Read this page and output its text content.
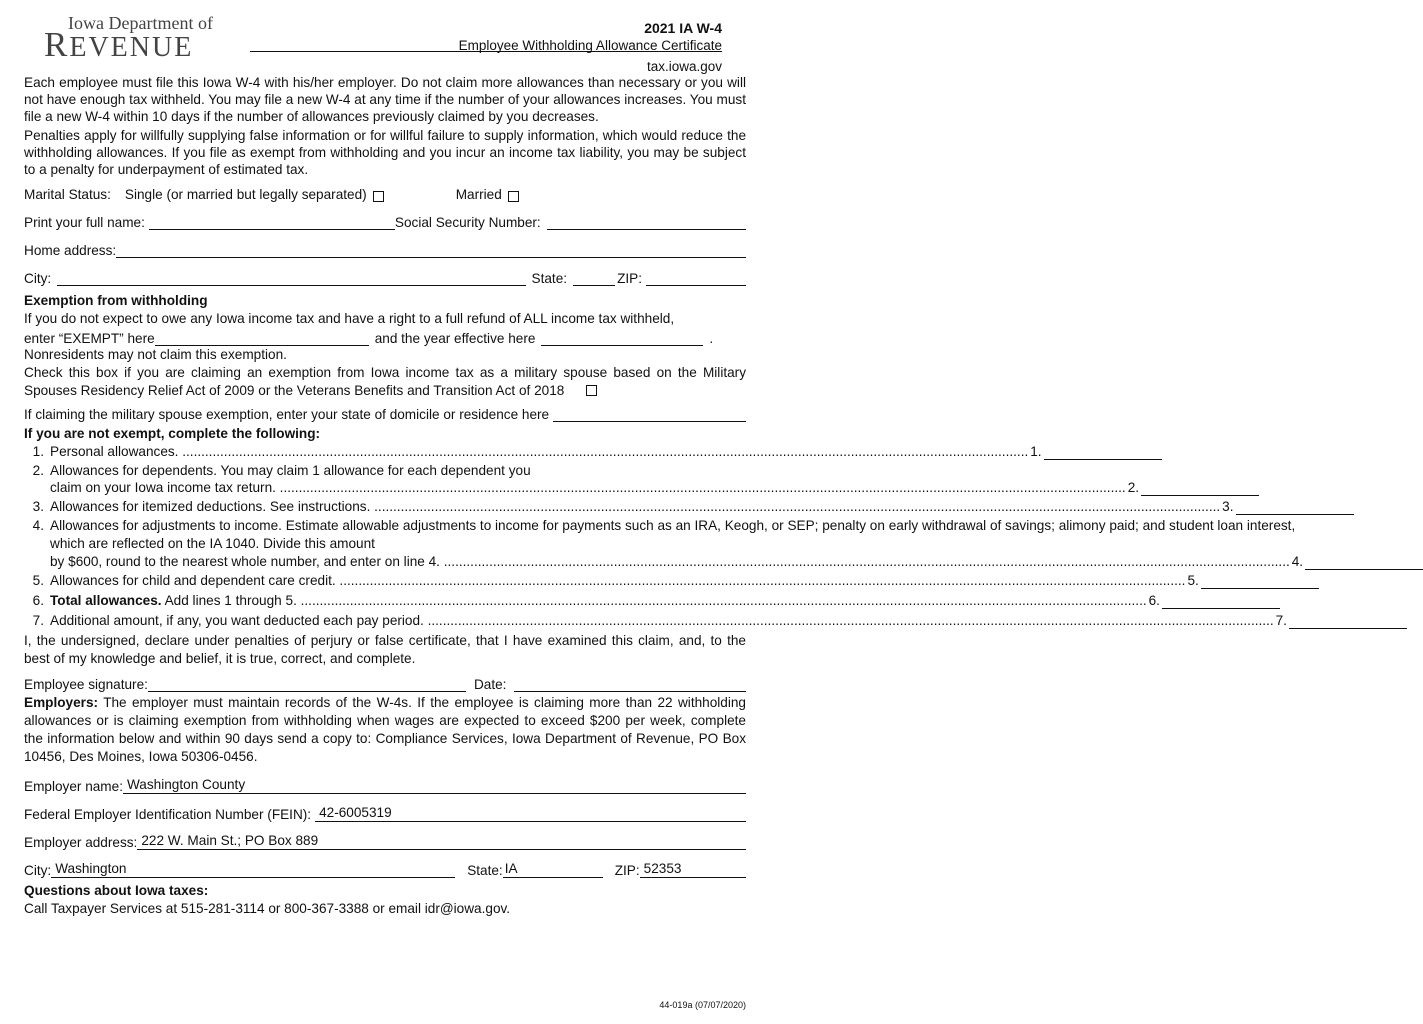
Iowa Department of
REVENUE
2021 IA W-4
Employee Withholding Allowance Certificate
tax.iowa.gov

Each employee must file this Iowa W-4 with his/her employer. Do not claim more allowances than necessary or you will not have enough tax withheld. You may file a new W-4 at any time if the number of your allowances increases. You must file a new W-4 within 10 days if the number of allowances previously claimed by you decreases.

Penalties apply for willfully supplying false information or for willful failure to supply information, which would reduce the withholding allowances. If you file as exempt from withholding and you incur an income tax liability, you may be subject to a penalty for underpayment of estimated tax.

Marital Status: Single (or married but legally separated)	Married
Print your full name:	Social Security Number:
Home address:
City:	State:	ZIP:
Exemption from withholding
If you do not expect to owe any Iowa income tax and have a right to a full refund of ALL income tax withheld,
enter “EXEMPT” here	and the year effective here	.
Nonresidents may not claim this exemption.

Check this box if you are claiming an exemption from Iowa income tax as a military spouse based on the Military Spouses Residency Relief Act of 2009 or the Veterans Benefits and Transition Act of 2018

If claiming the military spouse exemption, enter your state of domicile or residence here
If you are not exempt, complete the following:
1. Personal allowances. .....	1.
2. Allowances for dependents. You may claim 1 allowance for each dependent you
claim on your Iowa income tax return. .....	2.
3. Allowances for itemized deductions. See instructions. .....	3.
4. Allowances for adjustments to income. Estimate allowable adjustments to income for payments such as an IRA, Keogh, or SEP; penalty on early withdrawal of savings; alimony paid; and student loan interest, which are reflected on the IA 1040. Divide this amount
by $600, round to the nearest whole number, and enter on line 4. .....	4.
5. Allowances for child and dependent care credit. .....	5.
6. Total allowances. Add lines 1 through 5. .....	6.
7. Additional amount, if any, you want deducted each pay period. .....	7.

I, the undersigned, declare under penalties of perjury or false certificate, that I have examined this claim, and, to the best of my knowledge and belief, it is true, correct, and complete.

Employee signature:	Date:

Employers: The employer must maintain records of the W-4s. If the employee is claiming more than 22 withholding allowances or is claiming exemption from withholding when wages are expected to exceed $200 per week, complete the information below and within 90 days send a copy to: Compliance Services, Iowa Department of Revenue, PO Box 10456, Des Moines, Iowa 50306-0456.

Employer name: Washington County
Federal Employer Identification Number (FEIN): 42-6005319
Employer address: 222 W. Main St.; PO Box 889
City: Washington	State: IA	ZIP: 52353
Questions about Iowa taxes:
Call Taxpayer Services at 515-281-3114 or 800-367-3388 or email idr@iowa.gov.
44-019a (07/07/2020)
